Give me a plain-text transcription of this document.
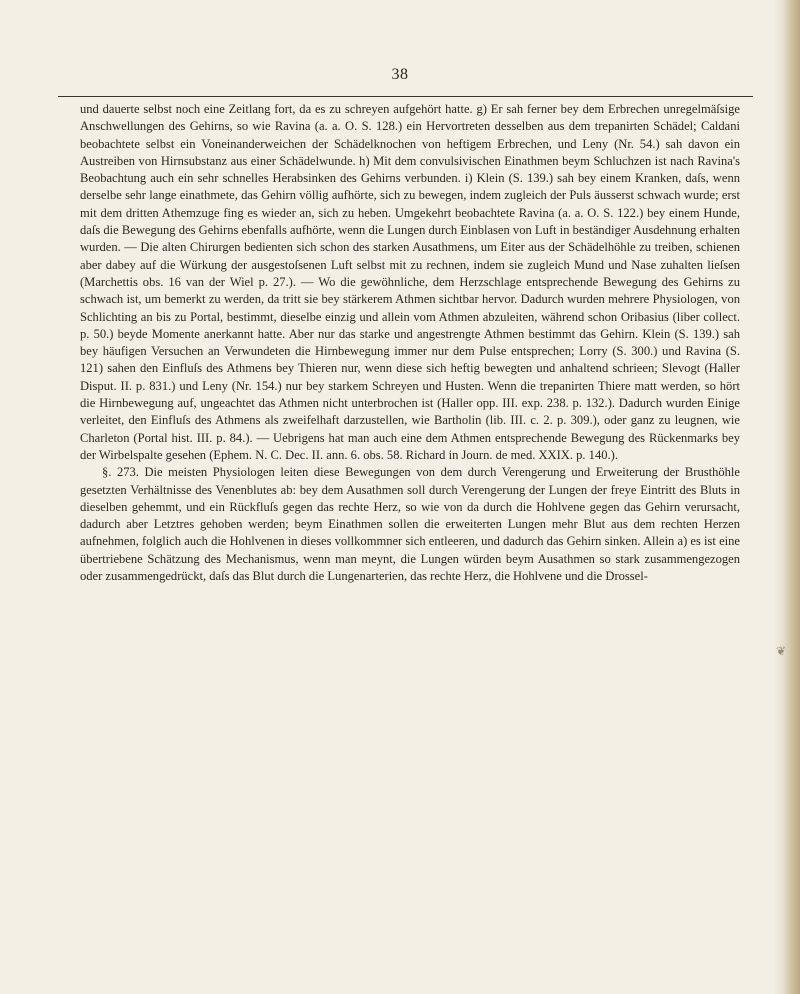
38

und dauerte selbst noch eine Zeitlang fort, da es zu schreyen aufgehört hatte. g) Er sah ferner bey dem Erbrechen unregelmäſsige Anschwellungen des Gehirns, so wie Ravina (a. a. O. S. 128.) ein Hervortreten desselben aus dem trepanirten Schädel; Caldani beobachtete selbst ein Voneinanderweichen der Schädelknochen von heftigem Erbrechen, und Leny (Nr. 54.) sah davon ein Austreiben von Hirnsubstanz aus einer Schädelwunde. h) Mit dem convulsivischen Einathmen beym Schluchzen ist nach Ravina's Beobachtung auch ein sehr schnelles Herabsinken des Gehirns verbunden. i) Klein (S. 139.) sah bey einem Kranken, daſs, wenn derselbe sehr lange einathmete, das Gehirn völlig aufhörte, sich zu bewegen, indem zugleich der Puls äusserst schwach wurde; erst mit dem dritten Athemzuge fing es wieder an, sich zu heben. Umgekehrt beobachtete Ravina (a. a. O. S. 122.) bey einem Hunde, daſs die Bewegung des Gehirns ebenfalls aufhörte, wenn die Lungen durch Einblasen von Luft in beständiger Ausdehnung erhalten wurden. — Die alten Chirurgen bedienten sich schon des starken Ausathmens, um Eiter aus der Schädelhöhle zu treiben, schienen aber dabey auf die Würkung der ausgestoſsenen Luft selbst mit zu rechnen, indem sie zugleich Mund und Nase zuhalten lieſsen (Marchettis obs. 16 van der Wiel p. 27.). — Wo die gewöhnliche, dem Herzschlage entsprechende Bewegung des Gehirns zu schwach ist, um bemerkt zu werden, da tritt sie bey stärkerem Athmen sichtbar hervor. Dadurch wurden mehrere Physiologen, von Schlichting an bis zu Portal, bestimmt, dieselbe einzig und allein vom Athmen abzuleiten, während schon Oribasius (liber collect. p. 50.) beyde Momente anerkannt hatte. Aber nur das starke und angestrengte Athmen bestimmt das Gehirn. Klein (S. 139.) sah bey häufigen Versuchen an Verwundeten die Hirnbewegung immer nur dem Pulse entsprechen; Lorry (S. 300.) und Ravina (S. 121) sahen den Einfluſs des Athmens bey Thieren nur, wenn diese sich heftig bewegten und anhaltend schrieen; Slevogt (Haller Disput. II. p. 831.) und Leny (Nr. 154.) nur bey starkem Schreyen und Husten. Wenn die trepanirten Thiere matt werden, so hört die Hirnbewegung auf, ungeachtet das Athmen nicht unterbrochen ist (Haller opp. III. exp. 238. p. 132.). Dadurch wurden Einige verleitet, den Einfluſs des Athmens als zweifelhaft darzustellen, wie Bartholin (lib. III. c. 2. p. 309.), oder ganz zu leugnen, wie Charleton (Portal hist. III. p. 84.). — Uebrigens hat man auch eine dem Athmen entsprechende Bewegung des Rückenmarks bey der Wirbelspalte gesehen (Ephem. N. C. Dec. II. ann. 6. obs. 58. Richard in Journ. de med. XXIX. p. 140.).

§. 273. Die meisten Physiologen leiten diese Bewegungen von dem durch Verengerung und Erweiterung der Brusthöhle gesetzten Verhältnisse des Venenblutes ab: bey dem Ausathmen soll durch Verengerung der Lungen der freye Eintritt des Bluts in dieselben gehemmt, und ein Rückfluſs gegen das rechte Herz, so wie von da durch die Hohlvene gegen das Gehirn verursacht, dadurch aber Letztres gehoben werden; beym Einathmen sollen die erweiterten Lungen mehr Blut aus dem rechten Herzen aufnehmen, folglich auch die Hohlvenen in dieses vollkommner sich entleeren, und dadurch das Gehirn sinken. Allein a) es ist eine übertriebene Schätzung des Mechanismus, wenn man meynt, die Lungen würden beym Ausathmen so stark zusammengezogen oder zusammengedrückt, daſs das Blut durch die Lungenarterien, das rechte Herz, die Hohlvene und die Drossel-

❦
